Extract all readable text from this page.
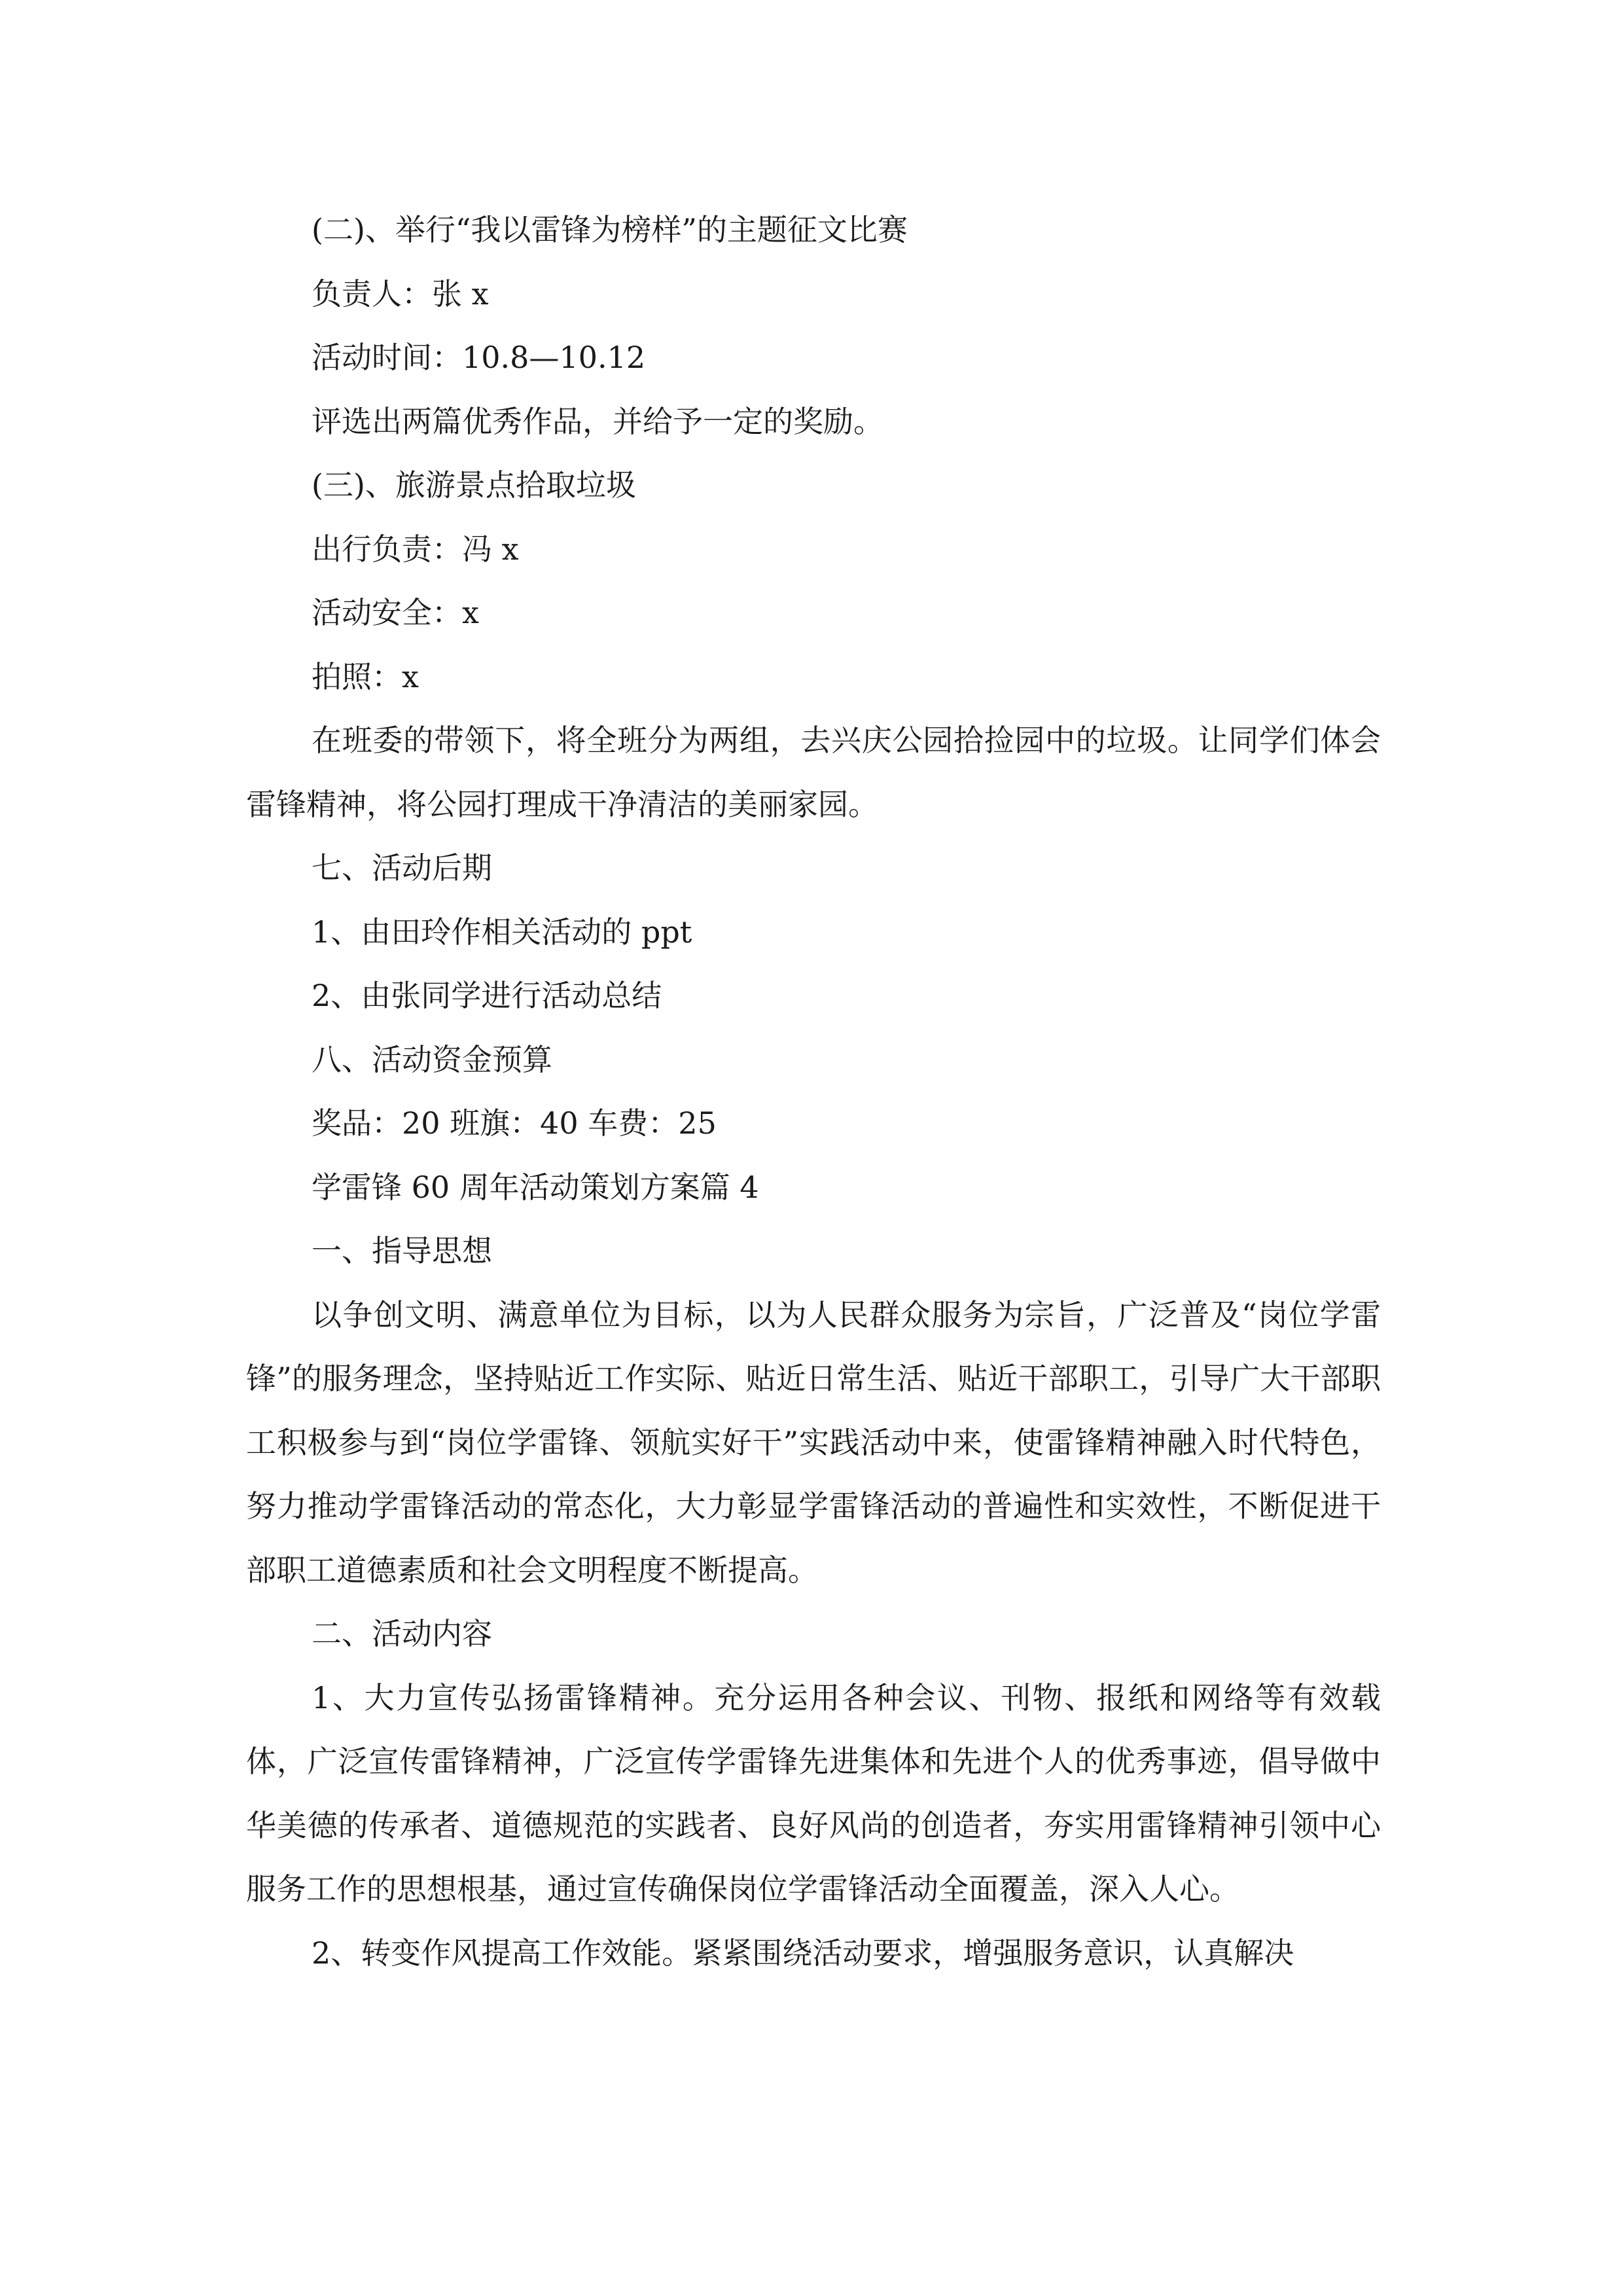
(二)、举行“我以雷锋为榜样”的主题征文比赛

负责人：张 x

活动时间：10.8—10.12

评选出两篇优秀作品，并给予一定的奖励。

(三)、旅游景点拾取垃圾

出行负责：冯 x

活动安全：x

拍照：x

在班委的带领下，将全班分为两组，去兴庆公园拾捡园中的垃圾。让同学们体会雷锋精神，将公园打理成干净清洁的美丽家园。

七、活动后期

1、由田玲作相关活动的 ppt

2、由张同学进行活动总结

八、活动资金预算

奖品：20 班旗：40 车费：25

学雷锋 60 周年活动策划方案篇 4

一、指导思想

以争创文明、满意单位为目标，以为人民群众服务为宗旨，广泛普及“岗位学雷锋”的服务理念，坚持贴近工作实际、贴近日常生活、贴近干部职工，引导广大干部职工积极参与到“岗位学雷锋、领航实好干”实践活动中来，使雷锋精神融入时代特色，努力推动学雷锋活动的常态化，大力彰显学雷锋活动的普遍性和实效性，不断促进干部职工道德素质和社会文明程度不断提高。

二、活动内容

1、大力宣传弘扬雷锋精神。充分运用各种会议、刊物、报纸和网络等有效载体，广泛宣传雷锋精神，广泛宣传学雷锋先进集体和先进个人的优秀事迹，倡导做中华美德的传承者、道德规范的实践者、良好风尚的创造者，夯实用雷锋精神引领中心服务工作的思想根基，通过宣传确保岗位学雷锋活动全面覆盖，深入人心。

2、转变作风提高工作效能。紧紧围绕活动要求，增强服务意识，认真解决
